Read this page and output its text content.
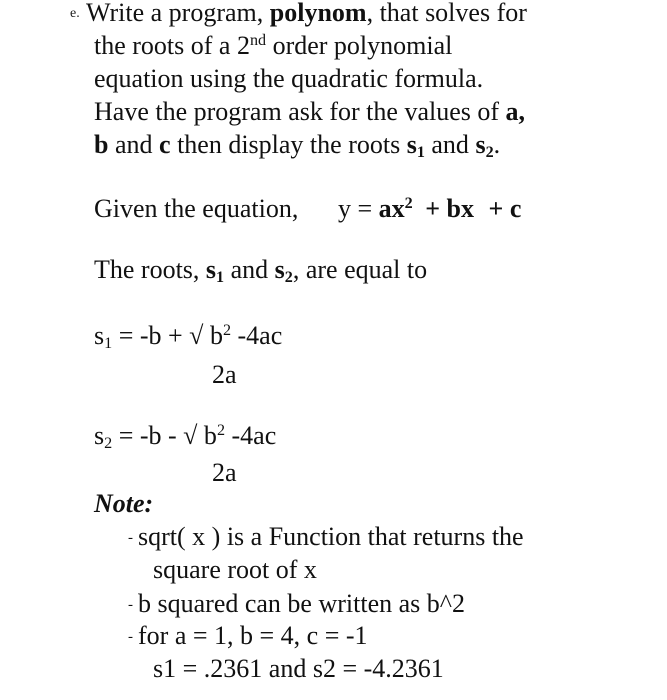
e. Write a program, polynom, that solves for
the roots of a 2nd order polynomial
equation using the quadratic formula.
Have the program ask for the values of a,
b and c then display the roots $s_1$ and $s_2$.
Given the equation, $y = ax^2$ + bx + c
The roots, $s_1$ and $s_2$, are equal to
$s_1 = -b$ + √ $b^2$ -4ac
2a
$s_2 = -b$ - √ $b^2$ -4ac
2a
Note:
- sqrt( x ) is a Function that returns the
square root of x
- b squared can be written as b^2
- for a = 1, b = 4, c = -1
s1 = .2361 and s2 = -4.2361
